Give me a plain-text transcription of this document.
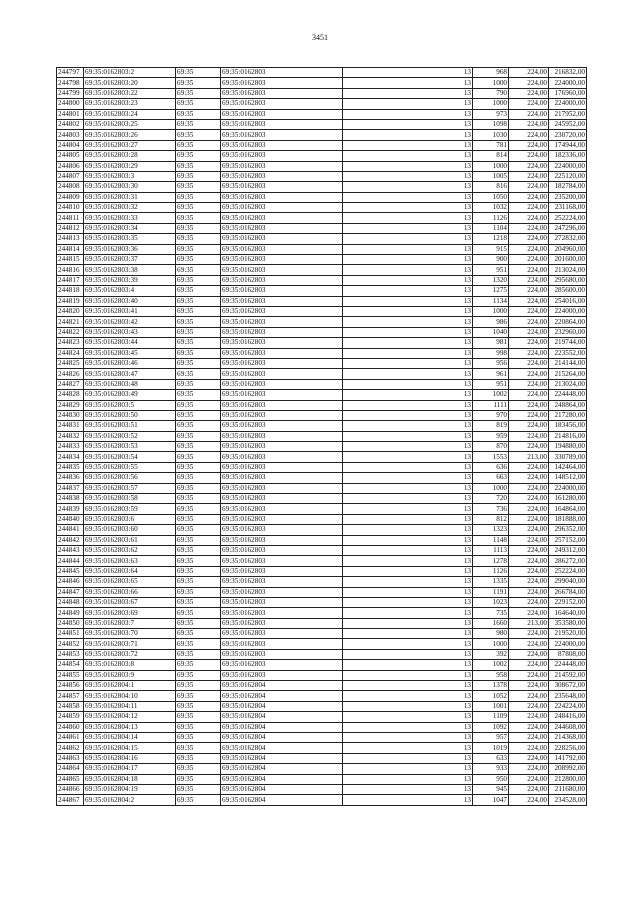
3451
244797	69:35:0162803:2	69:35	69:35:0162803	13	968	224,00	216832,00
244798	69:35:0162803:20	69:35	69:35:0162803	13	1000	224,00	224000,00
244799	69:35:0162803:22	69:35	69:35:0162803	13	790	224,00	176960,00
244800	69:35:0162803:23	69:35	69:35:0162803	13	1000	224,00	224000,00
244801	69:35:0162803:24	69:35	69:35:0162803	13	973	224,00	217952,00
244802	69:35:0162803:25	69:35	69:35:0162803	13	1098	224,00	245952,00
244803	69:35:0162803:26	69:35	69:35:0162803	13	1030	224,00	230720,00
244804	69:35:0162803:27	69:35	69:35:0162803	13	781	224,00	174944,00
244805	69:35:0162803:28	69:35	69:35:0162803	13	814	224,00	182336,00
244806	69:35:0162803:29	69:35	69:35:0162803	13	1000	224,00	224000,00
244807	69:35:0162803:3	69:35	69:35:0162803	13	1005	224,00	225120,00
244808	69:35:0162803:30	69:35	69:35:0162803	13	816	224,00	182784,00
244809	69:35:0162803:31	69:35	69:35:0162803	13	1050	224,00	235200,00
244810	69:35:0162803:32	69:35	69:35:0162803	13	1032	224,00	231168,00
244811	69:35:0162803:33	69:35	69:35:0162803	13	1126	224,00	252224,00
244812	69:35:0162803:34	69:35	69:35:0162803	13	1104	224,00	247296,00
244813	69:35:0162803:35	69:35	69:35:0162803	13	1218	224,00	272832,00
244814	69:35:0162803:36	69:35	69:35:0162803	13	915	224,00	204960,00
244815	69:35:0162803:37	69:35	69:35:0162803	13	900	224,00	201600,00
244816	69:35:0162803:38	69:35	69:35:0162803	13	951	224,00	213024,00
244817	69:35:0162803:39	69:35	69:35:0162803	13	1320	224,00	295680,00
244818	69:35:0162803:4	69:35	69:35:0162803	13	1275	224,00	285600,00
244819	69:35:0162803:40	69:35	69:35:0162803	13	1134	224,00	254016,00
244820	69:35:0162803:41	69:35	69:35:0162803	13	1000	224,00	224000,00
244821	69:35:0162803:42	69:35	69:35:0162803	13	986	224,00	220864,00
244822	69:35:0162803:43	69:35	69:35:0162803	13	1040	224,00	232960,00
244823	69:35:0162803:44	69:35	69:35:0162803	13	981	224,00	219744,00
244824	69:35:0162803:45	69:35	69:35:0162803	13	998	224,00	223552,00
244825	69:35:0162803:46	69:35	69:35:0162803	13	956	224,00	214144,00
244826	69:35:0162803:47	69:35	69:35:0162803	13	961	224,00	215264,00
244827	69:35:0162803:48	69:35	69:35:0162803	13	951	224,00	213024,00
244828	69:35:0162803:49	69:35	69:35:0162803	13	1002	224,00	224448,00
244829	69:35:0162803:5	69:35	69:35:0162803	13	1111	224,00	248864,00
244830	69:35:0162803:50	69:35	69:35:0162803	13	970	224,00	217280,00
244831	69:35:0162803:51	69:35	69:35:0162803	13	819	224,00	183456,00
244832	69:35:0162803:52	69:35	69:35:0162803	13	959	224,00	214816,00
244833	69:35:0162803:53	69:35	69:35:0162803	13	870	224,00	194880,00
244834	69:35:0162803:54	69:35	69:35:0162803	13	1553	213,00	330789,00
244835	69:35:0162803:55	69:35	69:35:0162803	13	636	224,00	142464,00
244836	69:35:0162803:56	69:35	69:35:0162803	13	663	224,00	148512,00
244837	69:35:0162803:57	69:35	69:35:0162803	13	1000	224,00	224000,00
244838	69:35:0162803:58	69:35	69:35:0162803	13	720	224,00	161280,00
244839	69:35:0162803:59	69:35	69:35:0162803	13	736	224,00	164864,00
244840	69:35:0162803:6	69:35	69:35:0162803	13	812	224,00	181888,00
244841	69:35:0162803:60	69:35	69:35:0162803	13	1323	224,00	296352,00
244842	69:35:0162803:61	69:35	69:35:0162803	13	1148	224,00	257152,00
244843	69:35:0162803:62	69:35	69:35:0162803	13	1113	224,00	249312,00
244844	69:35:0162803:63	69:35	69:35:0162803	13	1278	224,00	286272,00
244845	69:35:0162803:64	69:35	69:35:0162803	13	1126	224,00	252224,00
244846	69:35:0162803:65	69:35	69:35:0162803	13	1335	224,00	299040,00
244847	69:35:0162803:66	69:35	69:35:0162803	13	1191	224,00	266784,00
244848	69:35:0162803:67	69:35	69:35:0162803	13	1023	224,00	229152,00
244849	69:35:0162803:69	69:35	69:35:0162803	13	735	224,00	164640,00
244850	69:35:0162803:7	69:35	69:35:0162803	13	1660	213,00	353580,00
244851	69:35:0162803:70	69:35	69:35:0162803	13	980	224,00	219520,00
244852	69:35:0162803:71	69:35	69:35:0162803	13	1000	224,00	224000,00
244853	69:35:0162803:72	69:35	69:35:0162803	13	392	224,00	87808,00
244854	69:35:0162803:8	69:35	69:35:0162803	13	1002	224,00	224448,00
244855	69:35:0162803:9	69:35	69:35:0162803	13	958	224,00	214592,00
244856	69:35:0162804:1	69:35	69:35:0162804	13	1378	224,00	308672,00
244857	69:35:0162804:10	69:35	69:35:0162804	13	1052	224,00	235648,00
244858	69:35:0162804:11	69:35	69:35:0162804	13	1001	224,00	224224,00
244859	69:35:0162804:12	69:35	69:35:0162804	13	1109	224,00	248416,00
244860	69:35:0162804:13	69:35	69:35:0162804	13	1092	224,00	244608,00
244861	69:35:0162804:14	69:35	69:35:0162804	13	957	224,00	214368,00
244862	69:35:0162804:15	69:35	69:35:0162804	13	1019	224,00	228256,00
244863	69:35:0162804:16	69:35	69:35:0162804	13	633	224,00	141792,00
244864	69:35:0162804:17	69:35	69:35:0162804	13	933	224,00	208992,00
244865	69:35:0162804:18	69:35	69:35:0162804	13	950	224,00	212800,00
244866	69:35:0162804:19	69:35	69:35:0162804	13	945	224,00	211680,00
244867	69:35:0162804:2	69:35	69:35:0162804	13	1047	224,00	234528,00
